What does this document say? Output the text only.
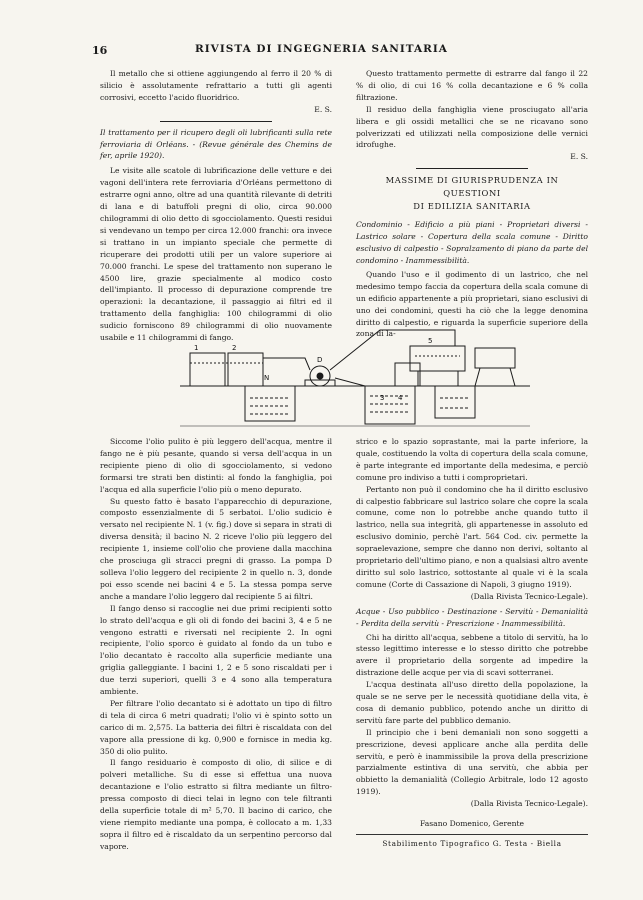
16	RIVISTA DI INGEGNERIA SANITARIA

Il metallo che si ottiene aggiungendo al ferro il 20 % di silicio è assolutamente refrattario a tutti gli agenti corrosivi, eccetto l'acido fluoridrico.

E. S.

Il trattamento per il ricupero degli oli lubrificanti sulla rete ferroviaria di Orléans. - (Revue générale des Chemins de fer, aprile 1920).

Le visite alle scatole di lubrificazione delle vetture e dei vagoni dell'intera rete ferroviaria d'Orléans permettono di estrarre ogni anno, oltre ad una quantità rilevante di detriti di lana e di batuffoli pregni di olio, circa 90.000 chilogrammi di olio detto di sgocciolamento. Questi residui si vendevano un tempo per circa 12.000 franchi: ora invece si trattano in un impianto speciale che permette di ricuperare dei prodotti utili per un valore superiore ai 70.000 franchi. Le spese del trattamento non superano le 4500 lire, grazie specialmente al modico costo dell'impianto. Il processo di depurazione comprende tre operazioni: la decantazione, il passaggio ai filtri ed il trattamento della fanghiglia: 100 chilogrammi di olio sudicio forniscono 89 chilogrammi di olio nuovamente usabile e 11 chilogrammi di fango.

Questo trattamento permette di estrarre dal fango il 22 % di olio, di cui 16 % colla decantazione e 6 % colla filtrazione.

Il residuo della fanghiglia viene prosciugato all'aria libera e gli ossidi metallici che se ne ricavano sono polverizzati ed utilizzati nella composizione delle vernici idrofughe.

E. S.

MASSIME DI GIURISPRUDENZA IN QUESTIONI
DI EDILIZIA SANITARIA

Condominio - Edificio a più piani - Proprietari diversi - Lastrico solare - Copertura della scala comune - Diritto esclusivo di calpestio - Sopralzamento di piano da parte del condomino - Inammessibilità.

Quando l'uso e il godimento di un lastrico, che nel medesimo tempo faccia da copertura della scala comune di un edificio appartenente a più proprietari, siano esclusivi di uno dei condomini, questi ha ciò che la legge denomina diritto di calpestio, e riguarda la superficie superiore della zona di la-

1	2
3 4
5
D
N

Siccome l'olio pulito è più leggero dell'acqua, mentre il fango ne è più pesante, quando si versa dell'acqua in un recipiente pieno di olio di sgocciolamento, si vedono formarsi tre strati ben distinti: al fondo la fanghiglia, poi l'acqua ed alla superficie l'olio più o meno depurato.

Su questo fatto è basato l'apparecchio di depurazione, composto essenzialmente di 5 serbatoi. L'olio sudicio è versato nel recipiente N. 1 (v. fig.) dove si separa in strati di diversa densità; il bacino N. 2 riceve l'olio più leggero del recipiente 1, insieme coll'olio che proviene dalla macchina che prosciuga gli stracci pregni di grasso. La pompa D solleva l'olio leggero del recipiente 2 in quello n. 3, donde poi esso scende nei bacini 4 e 5. La stessa pompa serve anche a mandare l'olio leggero dal recipiente 5 ai filtri.

Il fango denso si raccoglie nei due primi recipienti sotto lo strato dell'acqua e gli oli di fondo dei bacini 3, 4 e 5 ne vengono estratti e riversati nel recipiente 2. In ogni recipiente, l'olio sporco è guidato al fondo da un tubo e l'olio decantato è raccolto alla superficie mediante una griglia galleggiante. I bacini 1, 2 e 5 sono riscaldati per i due terzi superiori, quelli 3 e 4 sono alla temperatura ambiente.

Per filtrare l'olio decantato si è adottato un tipo di filtro di tela di circa 6 metri quadrati; l'olio vi è spinto sotto un carico di m. 2,575. La batteria dei filtri è riscaldata con del vapore alla pressione di kg. 0,900 e fornisce in media kg. 350 di olio pulito.

Il fango residuario è composto di olio, di silice e di polveri metalliche. Su di esse si effettua una nuova decantazione e l'olio estratto si filtra mediante un filtro-pressa composto di dieci telai in legno con tele filtranti della superficie totale di m² 5,70. Il bacino di carico, che viene riempito mediante una pompa, è collocato a m. 1,33 sopra il filtro ed è riscaldato da un serpentino percorso dal vapore.

strico e lo spazio soprastante, mai la parte inferiore, la quale, costituendo la volta di copertura della scala comune, è parte integrante ed importante della medesima, e perciò comune pro indiviso a tutti i comproprietari.

Pertanto non può il condomino che ha il diritto esclusivo di calpestio fabbricare sul lastrico solare che copre la scala comune, come non lo potrebbe anche quando tutto il lastrico, nella sua integrità, gli appartenesse in assoluto ed esclusivo dominio, perchè l'art. 564 Cod. civ. permette la sopraelevazione, sempre che danno non derivi, soltanto al proprietario dell'ultimo piano, e non a qualsiasi altro avente diritto sul solo lastrico, sottostante al quale vi è la scala comune (Corte di Cassazione di Napoli, 3 giugno 1919).

(Dalla Rivista Tecnico-Legale).

Acque - Uso pubblico - Destinazione - Servitù - Demanialità - Perdita della servitù - Prescrizione - Inammessibilità.

Chi ha diritto all'acqua, sebbene a titolo di servitù, ha lo stesso legittimo interesse e lo stesso diritto che potrebbe avere il proprietario della sorgente ad impedire la distrazione delle acque per via di scavi sotterranei.

L'acqua destinata all'uso diretto della popolazione, la quale se ne serve per le necessità quotidiane della vita, è cosa di demanio pubblico, potendo anche un diritto di servitù fare parte del pubblico demanio.

Il principio che i beni demaniali non sono soggetti a prescrizione, devesi applicare anche alla perdita delle servitù, e però è inammissibile la prova della prescrizione parzialmente estintiva di una servitù, che abbia per obbietto la demanialità (Collegio Arbitrale, lodo 12 agosto 1919).

(Dalla Rivista Tecnico-Legale).

Fasano Domenico, Gerente
Stabilimento Tipografico G. Testa - Biella
